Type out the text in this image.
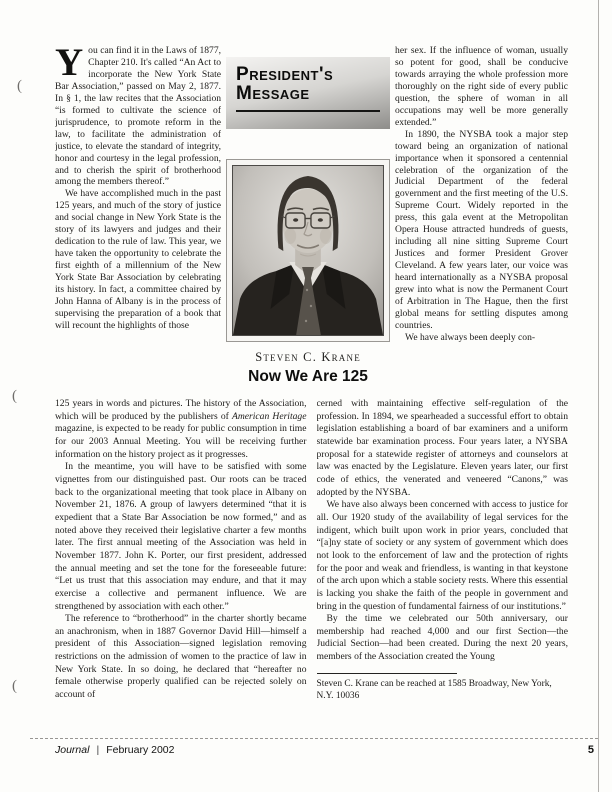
(
(
(

You can find it in the Laws of 1877, Chapter 210. It's called “An Act to incorporate the New York State Bar Association,” passed on May 2, 1877. In § 1, the law recites that the Association “is formed to cultivate the science of jurisprudence, to promote reform in the law, to facilitate the administration of justice, to elevate the standard of integrity, honor and courtesy in the legal profession, and to cherish the spirit of brotherhood among the members thereof.”

We have accomplished much in the past 125 years, and much of the story of justice and social change in New York State is the story of its lawyers and judges and their dedication to the rule of law. This year, we have taken the opportunity to celebrate the first eighth of a millennium of the New York State Bar Association by celebrating its history. In fact, a committee chaired by John Hanna of Albany is in the process of supervising the preparation of a book that will recount the highlights of those

President's
Message
Steven C. Krane
Now We Are 125

her sex. If the influence of woman, usually so potent for good, shall be conducive towards arraying the whole profession more thoroughly on the right side of every public question, the sphere of woman in all occupations may well be more generally extended.”

In 1890, the NYSBA took a major step toward being an organization of national importance when it sponsored a centennial celebration of the organization of the Judicial Department of the federal government and the first meeting of the U.S. Supreme Court. Widely reported in the press, this gala event at the Metropolitan Opera House attracted hundreds of guests, including all nine sitting Supreme Court Justices and former President Grover Cleveland. A few years later, our voice was heard internationally as a NYSBA proposal grew into what is now the Permanent Court of Arbitration in The Hague, then the first global means for settling disputes among countries.

We have always been deeply con-

125 years in words and pictures. The history of the Association, which will be produced by the publishers of American Heritage magazine, is expected to be ready for public consumption in time for our 2003 Annual Meeting. You will be receiving further information on the history project as it progresses.

In the meantime, you will have to be satisfied with some vignettes from our distinguished past. Our roots can be traced back to the organizational meeting that took place in Albany on November 21, 1876. A group of lawyers determined “that it is expedient that a State Bar Association be now formed,” and as noted above they received their legislative charter a few months later. The first annual meeting of the Association was held in November 1877. John K. Porter, our first president, addressed the annual meeting and set the tone for the foreseeable future: “Let us trust that this association may endure, and that it may exercise a collective and permanent influence. We are strengthened by association with each other.”

The reference to “brotherhood” in the charter shortly became an anachronism, when in 1887 Governor David Hill—himself a president of this Association—signed legislation removing restrictions on the admission of women to the practice of law in New York State. In so doing, he declared that “hereafter no female otherwise properly qualified can be rejected solely on account of

cerned with maintaining effective self-regulation of the profession. In 1894, we spearheaded a successful effort to obtain legislation establishing a board of bar examiners and a uniform statewide bar examination process. Four years later, a NYSBA proposal for a statewide register of attorneys and counselors at law was enacted by the Legislature. Eleven years later, our first code of ethics, the venerated and veneered “Canons,” was adopted by the NYSBA.

We have also always been concerned with access to justice for all. Our 1920 study of the availability of legal services for the indigent, which built upon work in prior years, concluded that “[a]ny state of society or any system of government which does not look to the enforcement of law and the protection of rights for the poor and weak and friendless, is wanting in that keystone of the arch upon which a stable society rests. Where this essential is lacking you shake the faith of the people in government and bring in the question of fundamental fairness of our institutions.”

By the time we celebrated our 50th anniversary, our membership had reached 4,000 and our first Section—the Judicial Section—had been created. During the next 20 years, members of the Association created the Young

Steven C. Krane can be reached at 1585 Broadway, New York, N.Y. 10036

Journal | February 2002	5
